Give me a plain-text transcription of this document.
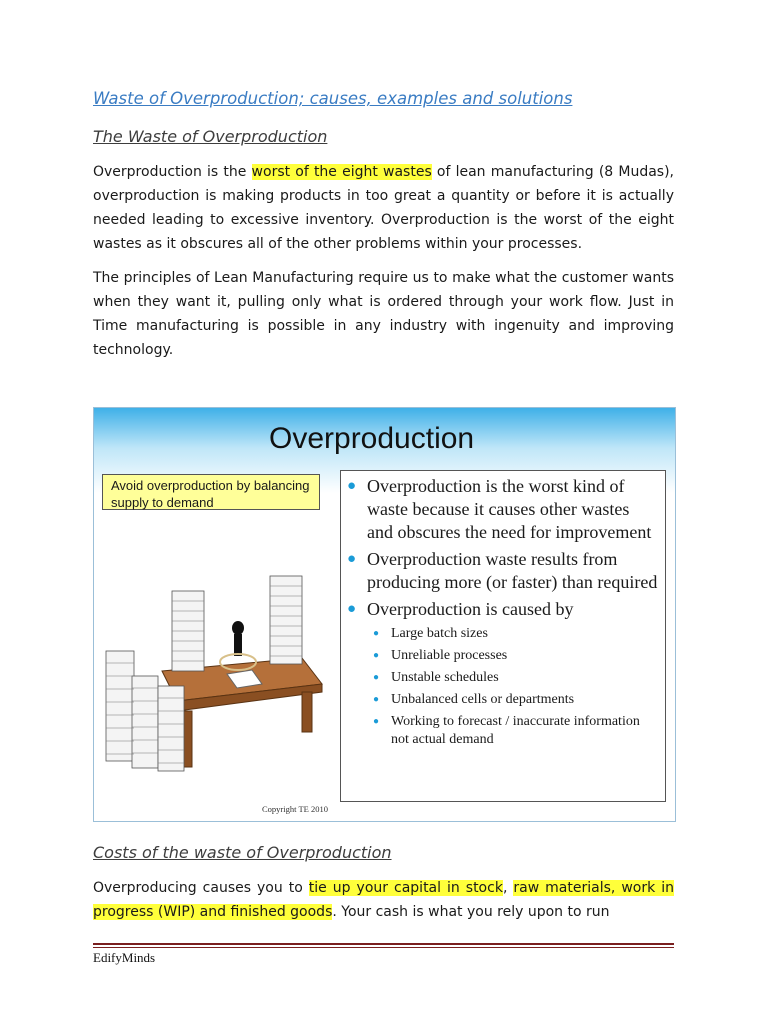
Waste of Overproduction; causes, examples and solutions
The Waste of Overproduction

Overproduction is the worst of the eight wastes of lean manufacturing (8 Mudas), overproduction is making products in too great a quantity or before it is actually needed leading to excessive inventory. Overproduction is the worst of the eight wastes as it obscures all of the other problems within your processes.

The principles of Lean Manufacturing require us to make what the customer wants when they want it, pulling only what is ordered through your work flow. Just in Time manufacturing is possible in any industry with ingenuity and improving technology.

Overproduction
Avoid overproduction by balancing supply to demand
● Overproduction is the worst kind of waste because it causes other wastes and obscures the need for improvement
● Overproduction waste results from producing more (or faster) than required
● Overproduction is caused by
● Large batch sizes
● Unreliable processes
● Unstable schedules
● Unbalanced cells or departments
● Working to forecast / inaccurate information not actual demand
Copyright TE 2010
Costs of the waste of Overproduction

Overproducing causes you to tie up your capital in stock, raw materials, work in progress (WIP) and finished goods. Your cash is what you rely upon to run

EdifyMinds
